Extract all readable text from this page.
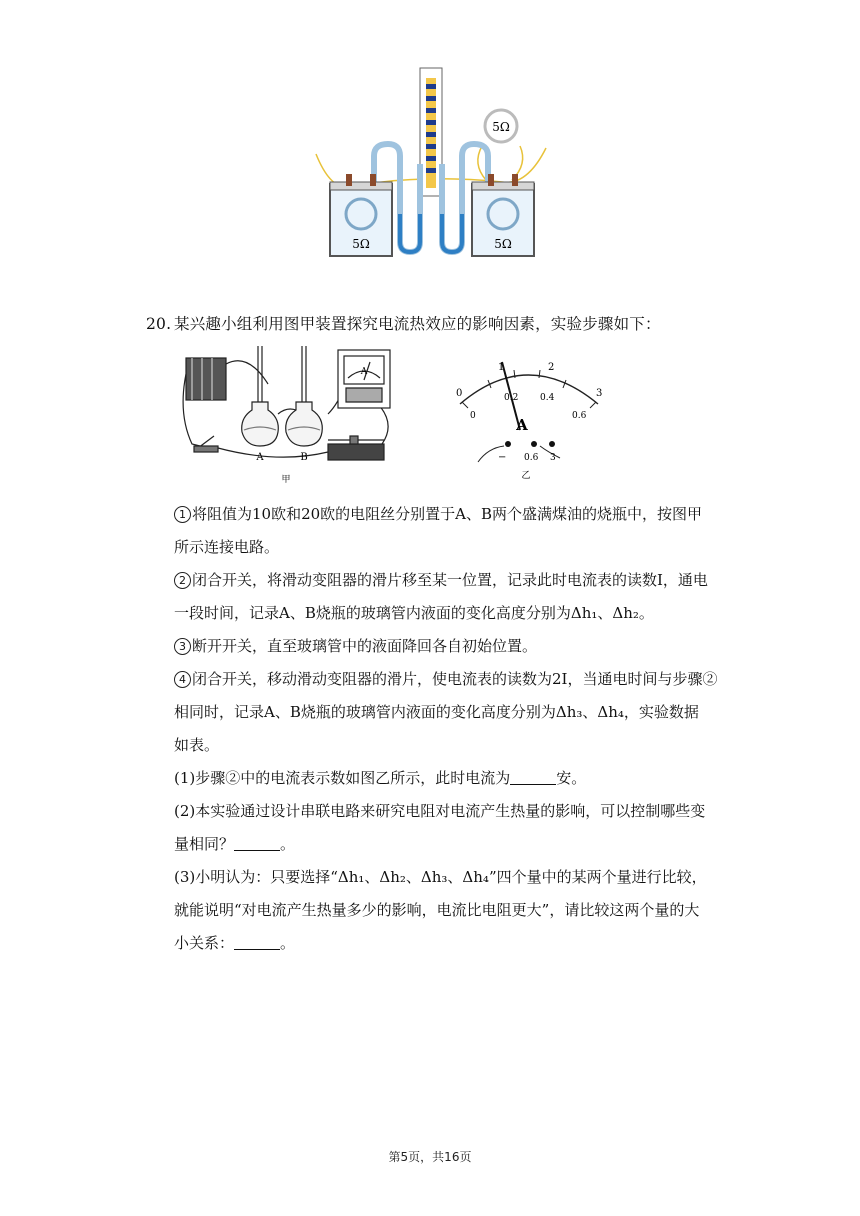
5Ω
5Ω	5Ω
20. 某兴趣小组利用图甲装置探究电流热效应的影响因素，实验步骤如下：
A	B
A
甲
0
1	2
3
0
0.2 0.4
0.6
A
− 0.6 3
乙

1 将阻值为10欧和20欧的电阻丝分别置于A、B两个盛满煤油的烧瓶中，按图甲
所示连接电路。

2 闭合开关，将滑动变阻器的滑片移至某一位置，记录此时电流表的读数I，通电
一段时间，记录A、B烧瓶的玻璃管内液面的变化高度分别为Δh₁、Δh₂。

3 断开开关，直至玻璃管中的液面降回各自初始位置。

4 闭合开关，移动滑动变阻器的滑片，使电流表的读数为2I，当通电时间与步骤②
相同时，记录A、B烧瓶的玻璃管内液面的变化高度分别为Δh₃、Δh₄，实验数据
如表。

(1)步骤②中的电流表示数如图乙所示，此时电流为	安。

(2)本实验通过设计串联电路来研究电阻对电流产生热量的影响，可以控制哪些变
量相同？	。

(3)小明认为：只要选择“Δh₁、Δh₂、Δh₃、Δh₄”四个量中的某两个量进行比较，
就能说明“对电流产生热量多少的影响，电流比电阻更大”，请比较这两个量的大
小关系：	。

第5页，共16页
